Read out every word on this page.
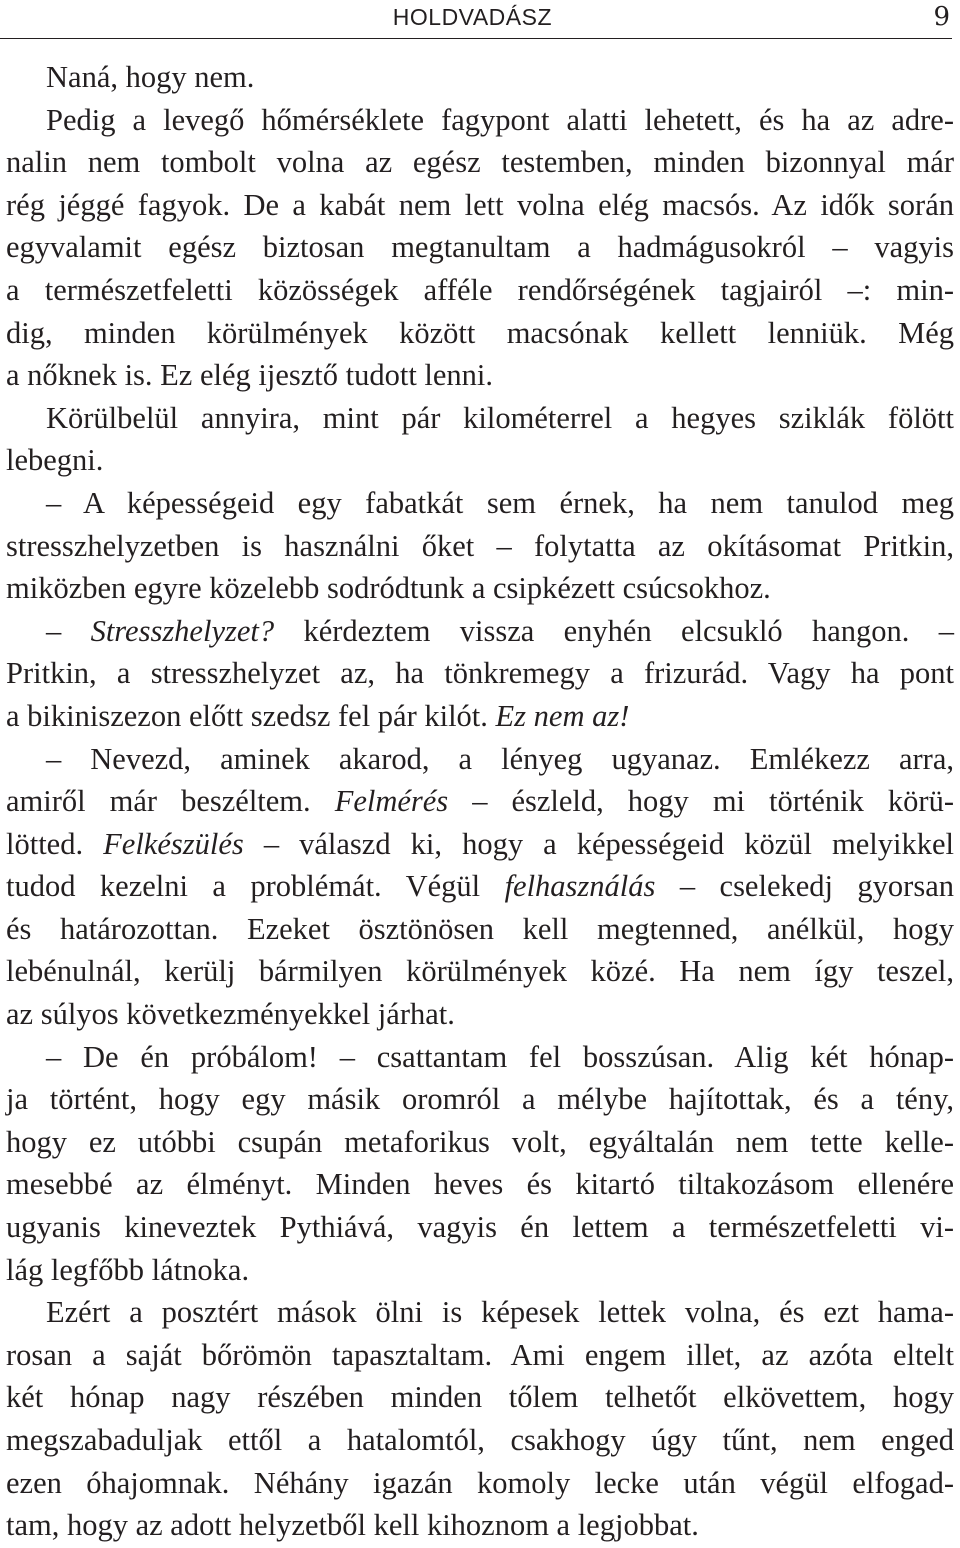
HOLDVADÁSZ	9
Naná, hogy nem.
Pedig a levegő hőmérséklete fagypont alatti lehetett, és ha az adre-
nalin nem tombolt volna az egész testemben, minden bizonnyal már
rég jéggé fagyok. De a kabát nem lett volna elég macsós. Az idők során
egyvalamit egész biztosan megtanultam a hadmágusokról – vagyis
a természetfeletti közösségek afféle rendőrségének tagjairól –: min-
dig, minden körülmények között macsónak kellett lenniük. Még
a nőknek is. Ez elég ijesztő tudott lenni.
Körülbelül annyira, mint pár kilométerrel a hegyes sziklák fölött
lebegni.
– A képességeid egy fabatkát sem érnek, ha nem tanulod meg
stresszhelyzetben is használni őket – folytatta az okításomat Pritkin,
miközben egyre közelebb sodródtunk a csipkézett csúcsokhoz.
– Stresszhelyzet? kérdeztem vissza enyhén elcsukló hangon. –
Pritkin, a stresszhelyzet az, ha tönkremegy a frizurád. Vagy ha pont
a bikiniszezon előtt szedsz fel pár kilót. Ez nem az!
– Nevezd, aminek akarod, a lényeg ugyanaz. Emlékezz arra,
amiről már beszéltem. Felmérés – észleld, hogy mi történik körü-
lötted. Felkészülés – válaszd ki, hogy a képességeid közül melyikkel
tudod kezelni a problémát. Végül felhasználás – cselekedj gyorsan
és határozottan. Ezeket ösztönösen kell megtenned, anélkül, hogy
lebénulnál, kerülj bármilyen körülmények közé. Ha nem így teszel,
az súlyos következményekkel járhat.
– De én próbálom! – csattantam fel bosszúsan. Alig két hónap-
ja történt, hogy egy másik oromról a mélybe hajítottak, és a tény,
hogy ez utóbbi csupán metaforikus volt, egyáltalán nem tette kelle-
mesebbé az élményt. Minden heves és kitartó tiltakozásom ellenére
ugyanis kineveztek Pythiává, vagyis én lettem a természetfeletti vi-
lág legfőbb látnoka.
Ezért a posztért mások ölni is képesek lettek volna, és ezt hama-
rosan a saját bőrömön tapasztaltam. Ami engem illet, az azóta eltelt
két hónap nagy részében minden tőlem telhetőt elkövettem, hogy
megszabaduljak ettől a hatalomtól, csakhogy úgy tűnt, nem enged
ezen óhajomnak. Néhány igazán komoly lecke után végül elfogad-
tam, hogy az adott helyzetből kell kihoznom a legjobbat.
